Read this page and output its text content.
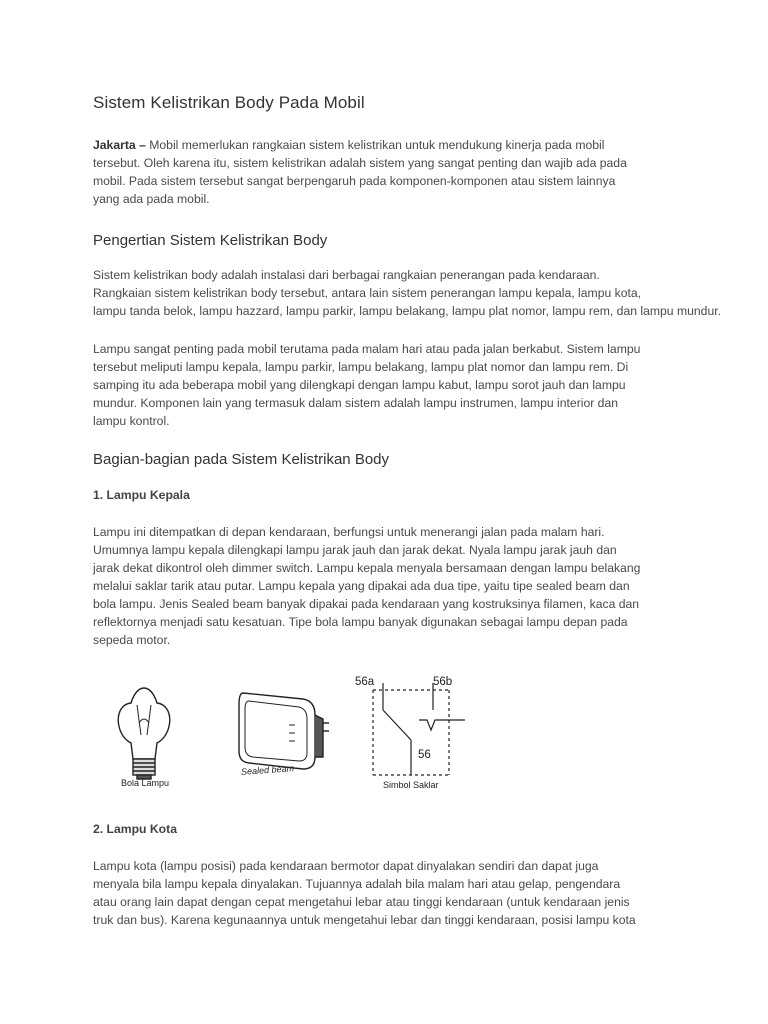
Sistem Kelistrikan Body Pada Mobil
Jakarta – Mobil memerlukan rangkaian sistem kelistrikan untuk mendukung kinerja pada mobil
tersebut. Oleh karena itu, sistem kelistrikan adalah sistem yang sangat penting dan wajib ada pada
mobil. Pada sistem tersebut sangat berpengaruh pada komponen-komponen atau sistem lainnya
yang ada pada mobil.
Pengertian Sistem Kelistrikan Body
Sistem kelistrikan body adalah instalasi dari berbagai rangkaian penerangan pada kendaraan.
Rangkaian sistem kelistrikan body tersebut, antara lain sistem penerangan lampu kepala, lampu kota,
lampu tanda belok, lampu hazzard, lampu parkir, lampu belakang, lampu plat nomor, lampu rem, dan lampu mundur.
Lampu sangat penting pada mobil terutama pada malam hari atau pada jalan berkabut. Sistem lampu
tersebut meliputi lampu kepala, lampu parkir, lampu belakang, lampu plat nomor dan lampu rem. Di
samping itu ada beberapa mobil yang dilengkapi dengan lampu kabut, lampu sorot jauh dan lampu
mundur. Komponen lain yang termasuk dalam sistem adalah lampu instrumen, lampu interior dan
lampu kontrol.
Bagian-bagian pada Sistem Kelistrikan Body
1. Lampu Kepala
Lampu ini ditempatkan di depan kendaraan, berfungsi untuk menerangi jalan pada malam hari.
Umumnya lampu kepala dilengkapi lampu jarak jauh dan jarak dekat. Nyala lampu jarak jauh dan
jarak dekat dikontrol oleh dimmer switch. Lampu kepala menyala bersamaan dengan lampu belakang
melalui saklar tarik atau putar. Lampu kepala yang dipakai ada dua tipe, yaitu tipe sealed beam dan
bola lampu. Jenis Sealed beam banyak dipakai pada kendaraan yang kostruksinya filamen, kaca dan
reflektornya menjadi satu kesatuan. Tipe bola lampu banyak digunakan sebagai lampu depan pada
sepeda motor.
Bola Lampu
Sealed beam
Simbol Saklar
56a	56b
56
2. Lampu Kota
Lampu kota (lampu posisi) pada kendaraan bermotor dapat dinyalakan sendiri dan dapat juga
menyala bila lampu kepala dinyalakan. Tujuannya adalah bila malam hari atau gelap, pengendara
atau orang lain dapat dengan cepat mengetahui lebar atau tinggi kendaraan (untuk kendaraan jenis
truk dan bus). Karena kegunaannya untuk mengetahui lebar dan tinggi kendaraan, posisi lampu kota
